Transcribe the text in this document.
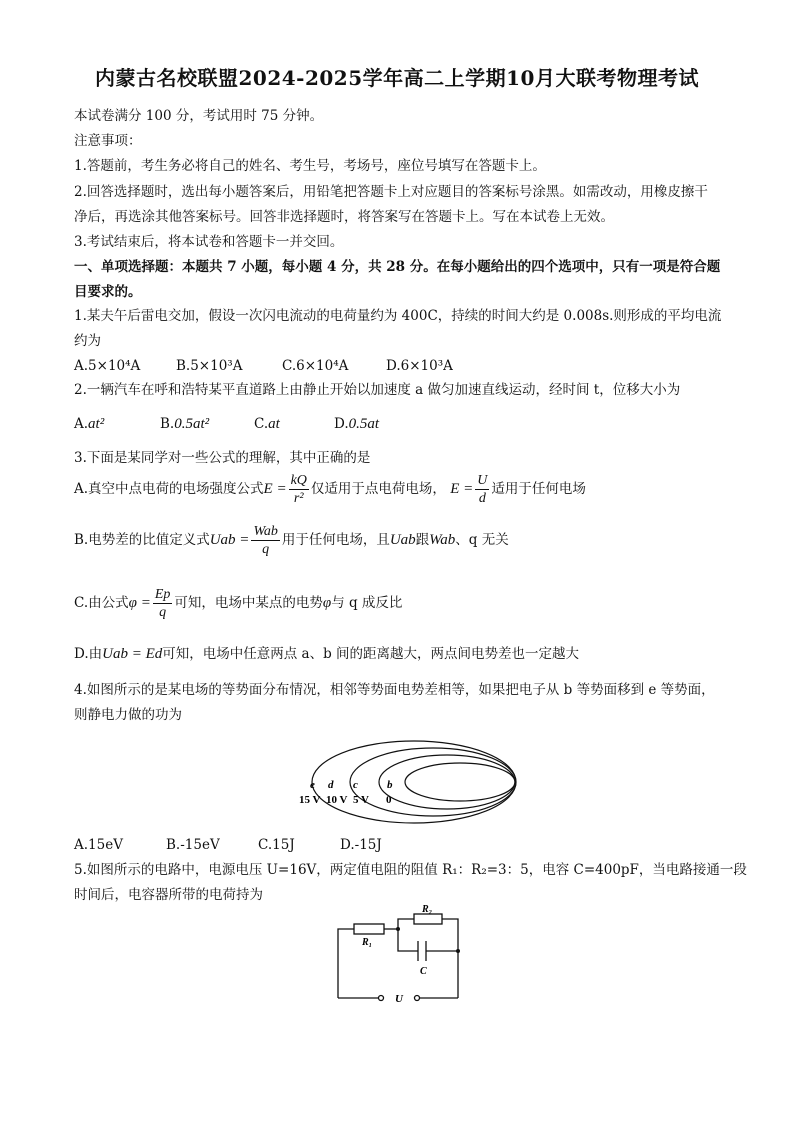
内蒙古名校联盟2024-2025学年高二上学期10月大联考物理考试
本试卷满分 100 分，考试用时 75 分钟。
注意事项：
1.答题前，考生务必将自己的姓名、考生号，考场号，座位号填写在答题卡上。
2.回答选择题时，选出每小题答案后，用铅笔把答题卡上对应题目的答案标号涂黑。如需改动，用橡皮擦干
净后，再选涂其他答案标号。回答非选择题时，将答案写在答题卡上。写在本试卷上无效。
3.考试结束后，将本试卷和答题卡一并交回。
一、单项选择题：本题共 7 小题，每小题 4 分，共 28 分。在每小题给出的四个选项中，只有一项是符合题
目要求的。
1.某夫午后雷电交加，假设一次闪电流动的电荷量约为 400C，持续的时间大约是 0.008s.则形成的平均电流
约为
A.5×10⁴A	B.5×10³A	C.6×10⁴A	D.6×10³A
2.一辆汽车在呼和浩特某平直道路上由静止开始以加速度 a 做匀加速直线运动，经时间 t，位移大小为
A.at²	B.0.5at²	C.at	D.0.5at
3.下面是某同学对一些公式的理解，其中正确的是
A.真空中点电荷的电场强度公式$E = \frac{kQ}{\text{r²}}$ 仅适用于点电荷电场， $E = \frac{U}{d}$ 适用于任何电场
B.电势差的比值定义式Uab = $\frac{\text{Wab}}{q}$ 用于任何电场，且Uab跟Wab、q 无关
C.由公式$\varphi = \frac{Ep}{q}$ 可知，电场中某点的电势φ与 q 成反比
D.由Uab = Ed可知，电场中任意两点 a、b 间的距离越大，两点间电势差也一定越大
4.如图所示的是某电场的等势面分布情况，相邻等势面电势差相等，如果把电子从 b 等势面移到 e 等势面，
则静电力做的功为
e d c	b
15 V 10 V 5 V 0
A.15eV	B.-15eV	C.15J	D.-15J
5.如图所示的电路中，电源电压 U=16V，两定值电阻的阻值 R₁：R₂=3：5，电容 C=400pF，当电路接通一段
时间后，电容器所带的电荷持为
R₁
R₂
C
U
